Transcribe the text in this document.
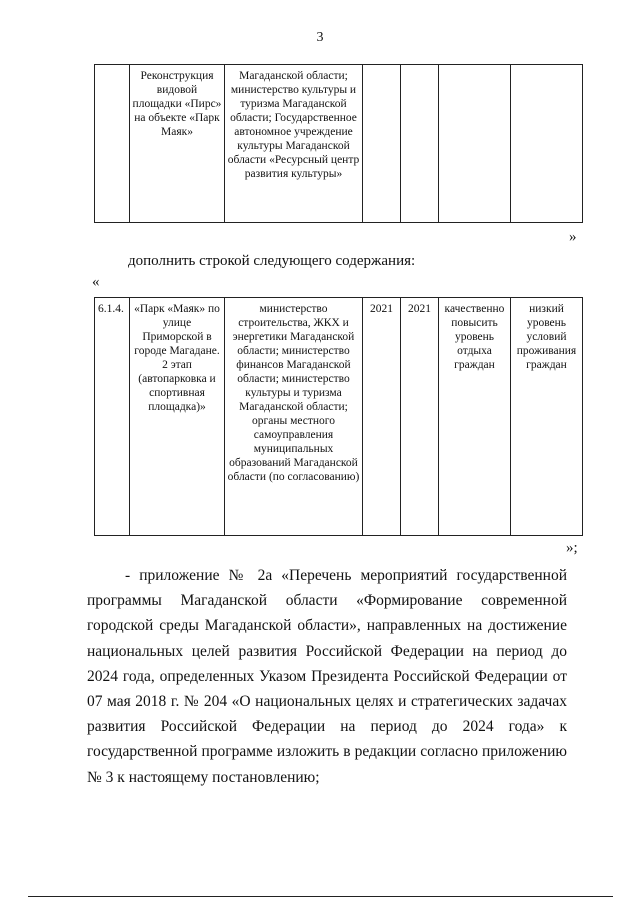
3
	Реконструкция видовой площадки «Пирс» на объекте «Парк Маяк»	Магаданской области; министерство культуры и туризма Магаданской области; Государственное автономное учреждение культуры Магаданской области «Ресурсный центр развития культуры»				
»
дополнить строкой следующего содержания:
«
6.1.4.	«Парк «Маяк» по улице Приморской в городе Магадане. 2 этап (автопарковка и спортивная площадка)»	министерство строительства, ЖКХ и энергетики Магаданской области; министерство финансов Магаданской области; министерство культуры и туризма Магаданской области; органы местного самоуправления муниципальных образований Магаданской области (по согласованию)	2021	2021	качественно повысить уровень отдыха граждан	низкий уровень условий проживания граждан
»;
- приложение № 2а «Перечень мероприятий государственной программы Магаданской области «Формирование современной городской среды Магаданской области», направленных на достижение национальных целей развития Российской Федерации на период до 2024 года, определенных Указом Президента Российской Федерации от 07 мая 2018 г. № 204 «О национальных целях и стратегических задачах развития Российской Федерации на период до 2024 года» к государственной программе изложить в редакции согласно приложению № 3 к настоящему постановлению;
